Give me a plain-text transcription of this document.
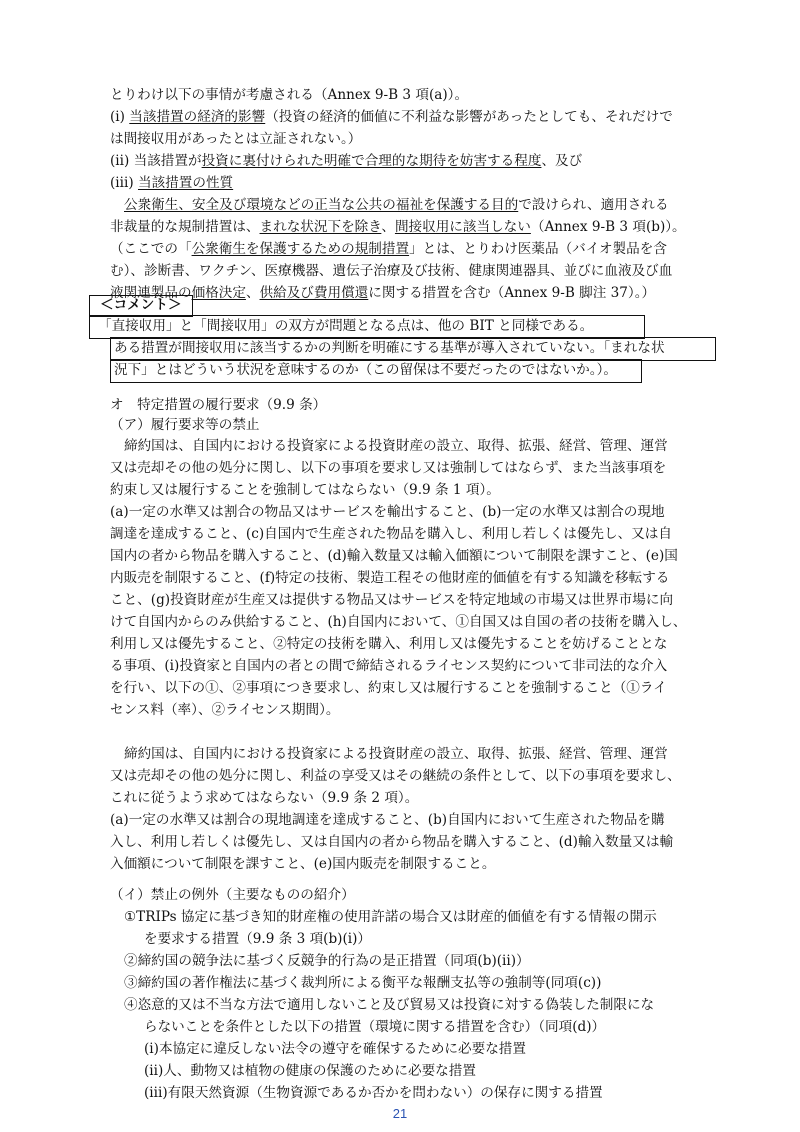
とりわけ以下の事情が考慮される（Annex 9-B 3 項(a)）。
(i) 当該措置の経済的影響（投資の経済的価値に不利益な影響があったとしても、それだけで
は間接収用があったとは立証されない。）
(ii) 当該措置が投資に裏付けられた明確で合理的な期待を妨害する程度、及び
(iii) 当該措置の性質
公衆衛生、安全及び環境などの正当な公共の福祉を保護する目的で設けられ、適用される
非裁量的な規制措置は、まれな状況下を除き、間接収用に該当しない（Annex 9-B 3 項(b)）。
（ここでの「公衆衛生を保護するための規制措置」とは、とりわけ医薬品（バイオ製品を含
む）、診断書、ワクチン、医療機器、遺伝子治療及び技術、健康関連器具、並びに血液及び血
液関連製品の価格決定、供給及び費用償還に関する措置を含む（Annex 9-B 脚注 37）。）
＜コメント＞
「直接収用」と「間接収用」の双方が問題となる点は、他の BIT と同様である。
ある措置が間接収用に該当するかの判断を明確にする基準が導入されていない。「まれな状
況下」とはどういう状況を意味するのか（この留保は不要だったのではないか。）。
オ　特定措置の履行要求（9.9 条）
（ア）履行要求等の禁止
締約国は、自国内における投資家による投資財産の設立、取得、拡張、経営、管理、運営
又は売却その他の処分に関し、以下の事項を要求し又は強制してはならず、また当該事項を
約束し又は履行することを強制してはならない（9.9 条 1 項）。
(a)一定の水準又は割合の物品又はサービスを輸出すること、(b)一定の水準又は割合の現地
調達を達成すること、(c)自国内で生産された物品を購入し、利用し若しくは優先し、又は自
国内の者から物品を購入すること、(d)輸入数量又は輸入価額について制限を課すこと、(e)国
内販売を制限すること、(f)特定の技術、製造工程その他財産的価値を有する知識を移転する
こと、(g)投資財産が生産又は提供する物品又はサービスを特定地域の市場又は世界市場に向
けて自国内からのみ供給すること、(h)自国内において、①自国又は自国の者の技術を購入し、
利用し又は優先すること、②特定の技術を購入、利用し又は優先することを妨げることとな
る事項、(i)投資家と自国内の者との間で締結されるライセンス契約について非司法的な介入
を行い、以下の①、②事項につき要求し、約束し又は履行することを強制すること（①ライ
センス料（率）、②ライセンス期間）。
締約国は、自国内における投資家による投資財産の設立、取得、拡張、経営、管理、運営
又は売却その他の処分に関し、利益の享受又はその継続の条件として、以下の事項を要求し、
これに従うよう求めてはならない（9.9 条 2 項）。
(a)一定の水準又は割合の現地調達を達成すること、(b)自国内において生産された物品を購
入し、利用し若しくは優先し、又は自国内の者から物品を購入すること、(d)輸入数量又は輸
入価額について制限を課すこと、(e)国内販売を制限すること。
（イ）禁止の例外（主要なものの紹介）
①TRIPs 協定に基づき知的財産権の使用許諾の場合又は財産的価値を有する情報の開示
を要求する措置（9.9 条 3 項(b)(i)）
②締約国の競争法に基づく反競争的行為の是正措置（同項(b)(ii)）
③締約国の著作権法に基づく裁判所による衡平な報酬支払等の強制等(同項(c))
④恣意的又は不当な方法で適用しないこと及び貿易又は投資に対する偽装した制限にな
らないことを条件とした以下の措置（環境に関する措置を含む）（同項(d)）
(i)本協定に違反しない法令の遵守を確保するために必要な措置
(ii)人、動物又は植物の健康の保護のために必要な措置
(iii)有限天然資源（生物資源であるか否かを問わない）の保存に関する措置
21
